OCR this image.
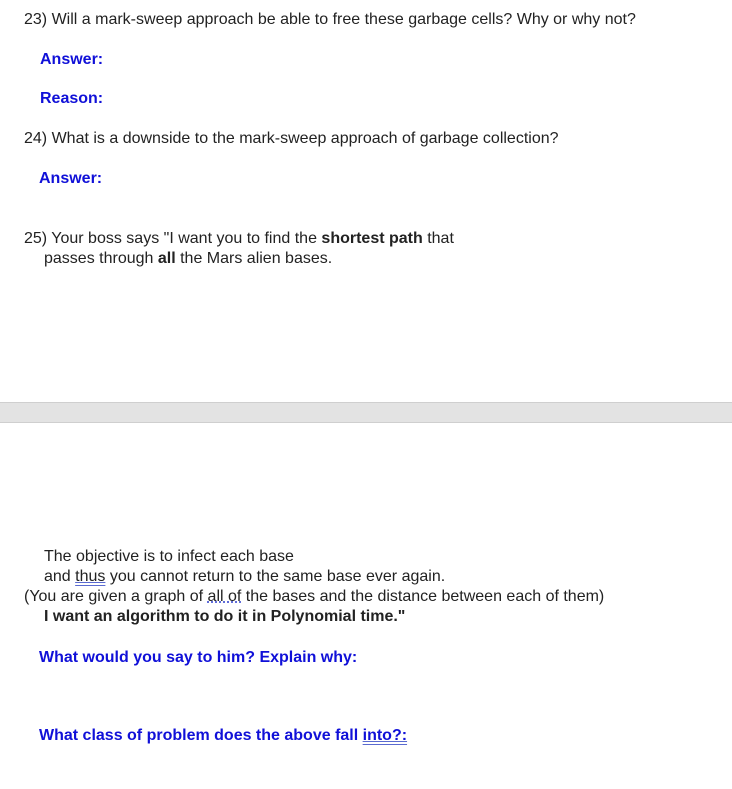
23) Will a mark-sweep approach be able to free these garbage cells? Why or why not?
Answer:
Reason:
24) What is a downside to the mark-sweep approach of garbage collection?
Answer:
25) Your boss says "I want you to find the shortest path that
passes through all the Mars alien bases.
The objective is to infect each base
and thus you cannot return to the same base ever again.
(You are given a graph of all of the bases and the distance between each of them)
I want an algorithm to do it in Polynomial time."
What would you say to him? Explain why:
What class of problem does the above fall into?:
